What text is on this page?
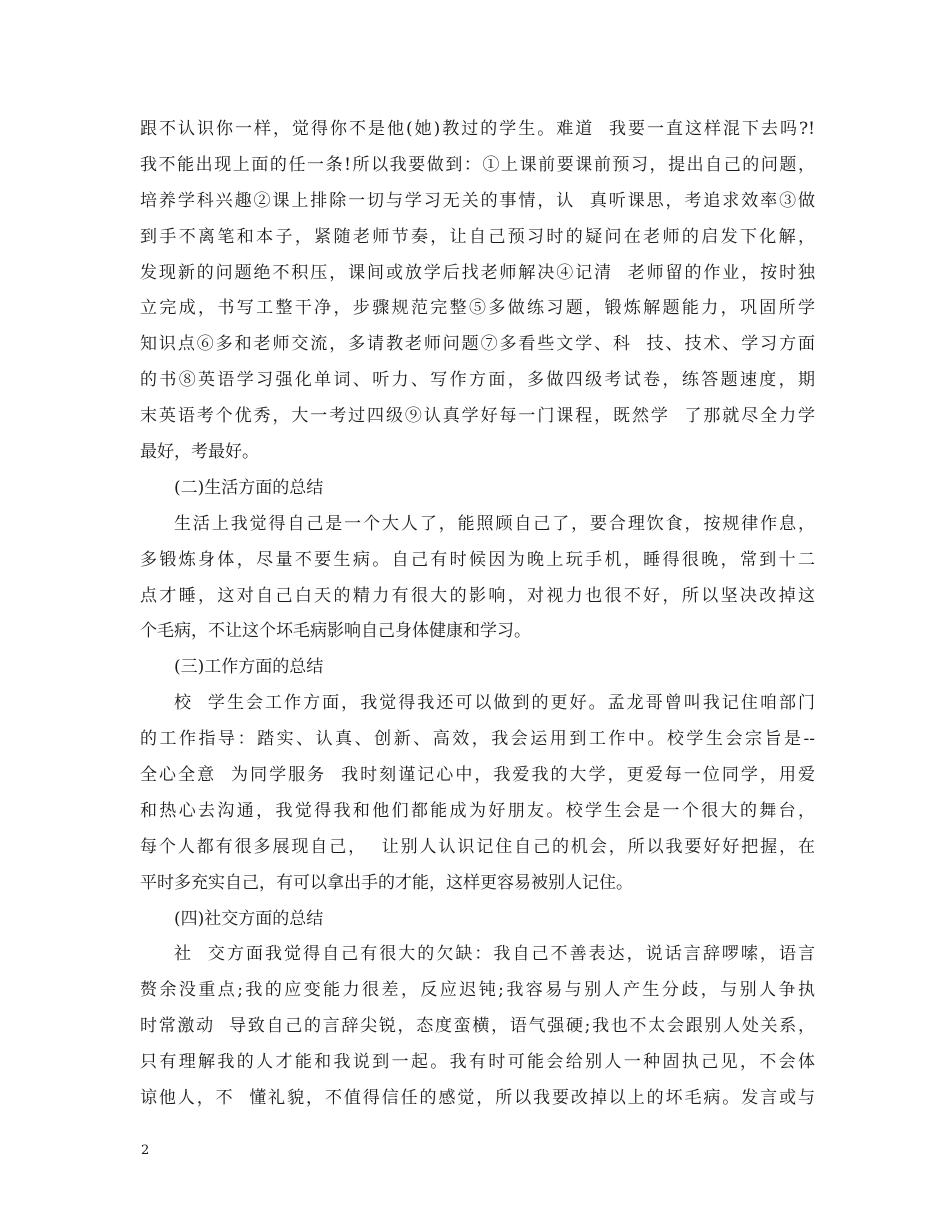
跟不认识你一样，觉得你不是他(她)教过的学生。难道  我要一直这样混下去吗?!
我不能出现上面的任一条!所以我要做到：①上课前要课前预习，提出自己的问题，
培养学科兴趣②课上排除一切与学习无关的事情，认  真听课思，考追求效率③做
到手不离笔和本子，紧随老师节奏，让自己预习时的疑问在老师的启发下化解，
发现新的问题绝不积压，课间或放学后找老师解决④记清  老师留的作业，按时独
立完成，书写工整干净，步骤规范完整⑤多做练习题，锻炼解题能力，巩固所学
知识点⑥多和老师交流，多请教老师问题⑦多看些文学、科  技、技术、学习方面
的书⑧英语学习强化单词、听力、写作方面，多做四级考试卷，练答题速度，期
末英语考个优秀，大一考过四级⑨认真学好每一门课程，既然学  了那就尽全力学
最好，考最好。
(二)生活方面的总结
生活上我觉得自己是一个大人了，能照顾自己了，要合理饮食，按规律作息，
多锻炼身体，尽量不要生病。自己有时候因为晚上玩手机，睡得很晚，常到十二
点才睡，这对自己白天的精力有很大的影响，对视力也很不好，所以坚决改掉这
个毛病，不让这个坏毛病影响自己身体健康和学习。
(三)工作方面的总结
校  学生会工作方面，我觉得我还可以做到的更好。孟龙哥曾叫我记住咱部门
的工作指导：踏实、认真、创新、高效，我会运用到工作中。校学生会宗旨是--
全心全意  为同学服务  我时刻谨记心中，我爱我的大学，更爱每一位同学，用爱
和热心去沟通，我觉得我和他们都能成为好朋友。校学生会是一个很大的舞台，
每个人都有很多展现自己，  让别人认识记住自己的机会，所以我要好好把握，在
平时多充实自己，有可以拿出手的才能，这样更容易被别人记住。
(四)社交方面的总结
社  交方面我觉得自己有很大的欠缺：我自己不善表达，说话言辞啰嗦，语言
赘余没重点;我的应变能力很差，反应迟钝;我容易与别人产生分歧，与别人争执
时常激动  导致自己的言辞尖锐，态度蛮横，语气强硬;我也不太会跟别人处关系，
只有理解我的人才能和我说到一起。我有时可能会给别人一种固执己见，不会体
谅他人，不  懂礼貌，不值得信任的感觉，所以我要改掉以上的坏毛病。发言或与
2
